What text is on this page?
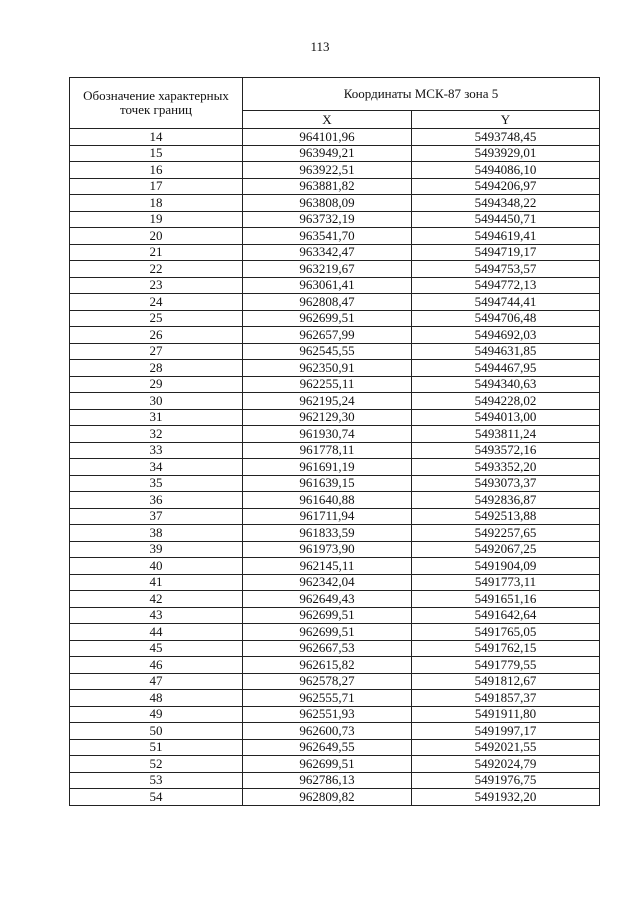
113
Обозначение характерных точек границ	Координаты МСК-87 зона 5	
	X	Y
14	964101,96	5493748,45
15	963949,21	5493929,01
16	963922,51	5494086,10
17	963881,82	5494206,97
18	963808,09	5494348,22
19	963732,19	5494450,71
20	963541,70	5494619,41
21	963342,47	5494719,17
22	963219,67	5494753,57
23	963061,41	5494772,13
24	962808,47	5494744,41
25	962699,51	5494706,48
26	962657,99	5494692,03
27	962545,55	5494631,85
28	962350,91	5494467,95
29	962255,11	5494340,63
30	962195,24	5494228,02
31	962129,30	5494013,00
32	961930,74	5493811,24
33	961778,11	5493572,16
34	961691,19	5493352,20
35	961639,15	5493073,37
36	961640,88	5492836,87
37	961711,94	5492513,88
38	961833,59	5492257,65
39	961973,90	5492067,25
40	962145,11	5491904,09
41	962342,04	5491773,11
42	962649,43	5491651,16
43	962699,51	5491642,64
44	962699,51	5491765,05
45	962667,53	5491762,15
46	962615,82	5491779,55
47	962578,27	5491812,67
48	962555,71	5491857,37
49	962551,93	5491911,80
50	962600,73	5491997,17
51	962649,55	5492021,55
52	962699,51	5492024,79
53	962786,13	5491976,75
54	962809,82	5491932,20
